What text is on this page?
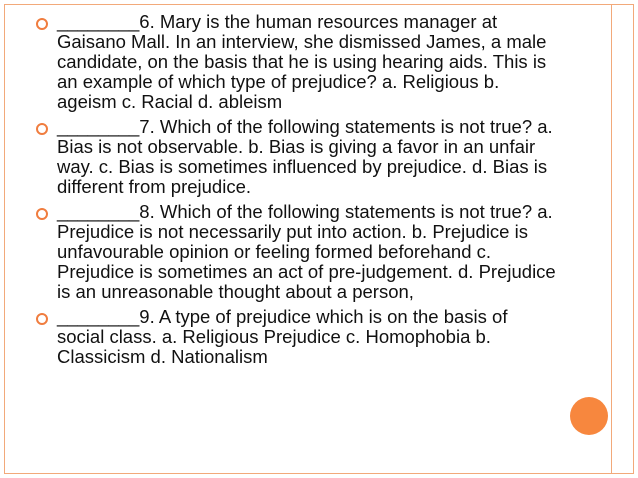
________6. Mary is the human resources manager at Gaisano Mall. In an interview, she dismissed James, a male candidate, on the basis that he is using hearing aids. This is an example of which type of prejudice? a. Religious b. ageism c. Racial d. ableism
________7. Which of the following statements is not true? a. Bias is not observable. b. Bias is giving a favor in an unfair way. c. Bias is sometimes influenced by prejudice. d. Bias is different from prejudice.
________8. Which of the following statements is not true? a. Prejudice is not necessarily put into action. b. Prejudice is unfavourable opinion or feeling formed beforehand c. Prejudice is sometimes an act of pre-judgement. d. Prejudice is an unreasonable thought about a person,
________9. A type of prejudice which is on the basis of social class. a. Religious Prejudice c. Homophobia b. Classicism d. Nationalism
